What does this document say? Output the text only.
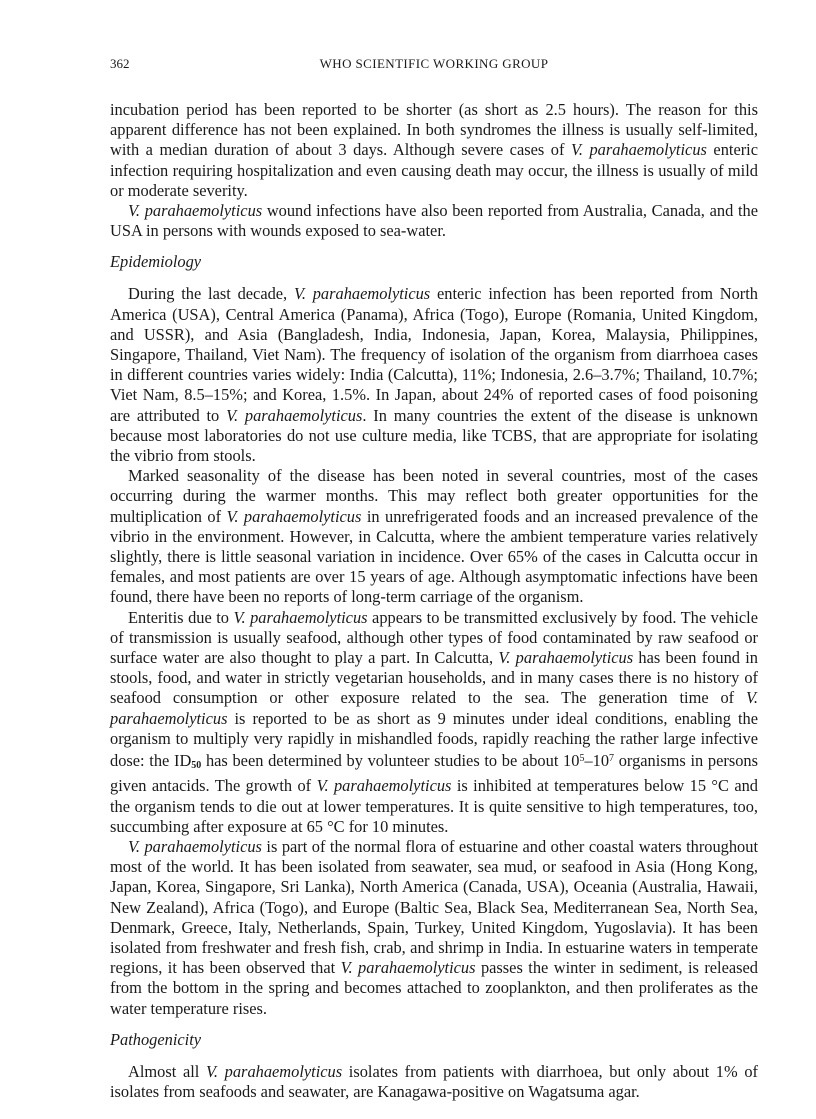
362	WHO SCIENTIFIC WORKING GROUP

incubation period has been reported to be shorter (as short as 2.5 hours). The reason for this apparent difference has not been explained. In both syndromes the illness is usually self-limited, with a median duration of about 3 days. Although severe cases of V. parahaemolyticus enteric infection requiring hospitalization and even causing death may occur, the illness is usually of mild or moderate severity.

V. parahaemolyticus wound infections have also been reported from Australia, Canada, and the USA in persons with wounds exposed to sea-water.

Epidemiology

During the last decade, V. parahaemolyticus enteric infection has been reported from North America (USA), Central America (Panama), Africa (Togo), Europe (Romania, United Kingdom, and USSR), and Asia (Bangladesh, India, Indonesia, Japan, Korea, Malaysia, Philippines, Singapore, Thailand, Viet Nam). The frequency of isolation of the organism from diarrhoea cases in different countries varies widely: India (Calcutta), 11%; Indonesia, 2.6–3.7%; Thailand, 10.7%; Viet Nam, 8.5–15%; and Korea, 1.5%. In Japan, about 24% of reported cases of food poisoning are attributed to V. parahaemolyticus. In many countries the extent of the disease is unknown because most laboratories do not use culture media, like TCBS, that are appropriate for isolating the vibrio from stools.

Marked seasonality of the disease has been noted in several countries, most of the cases occurring during the warmer months. This may reflect both greater opportunities for the multiplication of V. parahaemolyticus in unrefrigerated foods and an increased prevalence of the vibrio in the environment. However, in Calcutta, where the ambient temperature varies relatively slightly, there is little seasonal variation in incidence. Over 65% of the cases in Calcutta occur in females, and most patients are over 15 years of age. Although asymptomatic infections have been found, there have been no reports of long-term carriage of the organism.

Enteritis due to V. parahaemolyticus appears to be transmitted exclusively by food. The vehicle of transmission is usually seafood, although other types of food contaminated by raw seafood or surface water are also thought to play a part. In Calcutta, V. parahaemolyticus has been found in stools, food, and water in strictly vegetarian households, and in many cases there is no history of seafood consumption or other exposure related to the sea. The generation time of V. parahaemolyticus is reported to be as short as 9 minutes under ideal conditions, enabling the organism to multiply very rapidly in mishandled foods, rapidly reaching the rather large infective dose: the $ID_{50}$ has been determined by volunteer studies to be about $10^5-10^7$ organisms in persons given antacids. The growth of V. parahaemolyticus is inhibited at temperatures below 15 °C and the organism tends to die out at lower temperatures. It is quite sensitive to high temperatures, too, succumbing after exposure at 65 °C for 10 minutes.

V. parahaemolyticus is part of the normal flora of estuarine and other coastal waters throughout most of the world. It has been isolated from seawater, sea mud, or seafood in Asia (Hong Kong, Japan, Korea, Singapore, Sri Lanka), North America (Canada, USA), Oceania (Australia, Hawaii, New Zealand), Africa (Togo), and Europe (Baltic Sea, Black Sea, Mediterranean Sea, North Sea, Denmark, Greece, Italy, Netherlands, Spain, Turkey, United Kingdom, Yugoslavia). It has been isolated from freshwater and fresh fish, crab, and shrimp in India. In estuarine waters in temperate regions, it has been observed that V. parahaemolyticus passes the winter in sediment, is released from the bottom in the spring and becomes attached to zooplankton, and then proliferates as the water temperature rises.

Pathogenicity

Almost all V. parahaemolyticus isolates from patients with diarrhoea, but only about 1% of isolates from seafoods and seawater, are Kanagawa-positive on Wagatsuma agar.
